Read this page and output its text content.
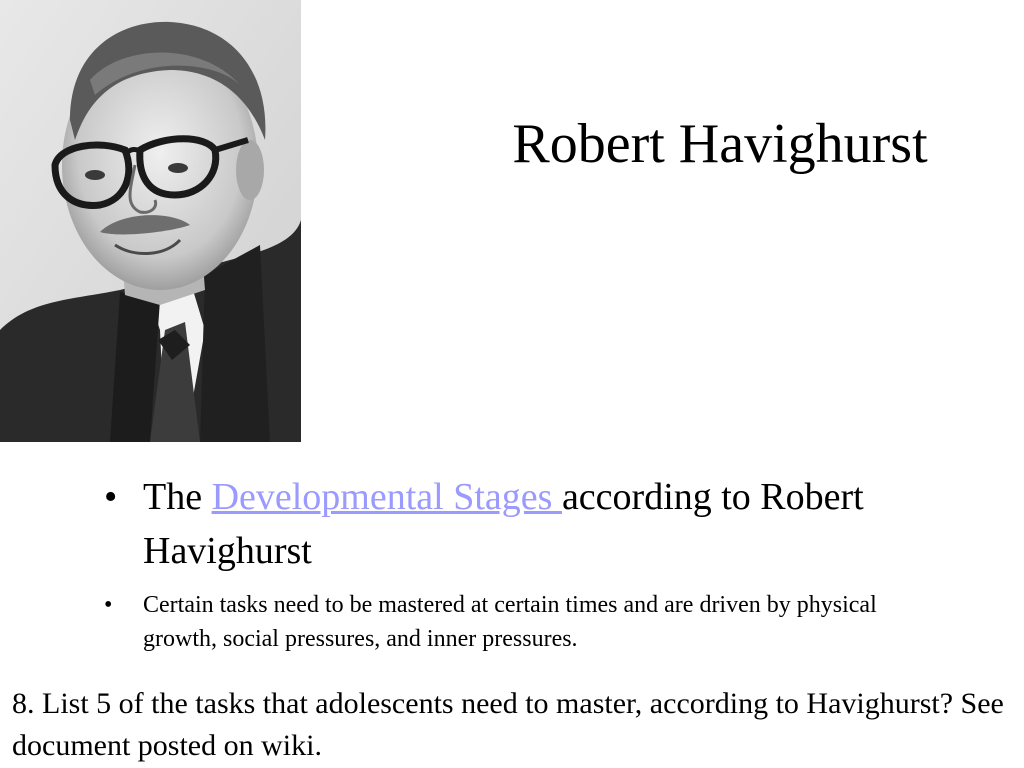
Robert Havighurst
• The Developmental Stages according to Robert Havighurst
• Certain tasks need to be mastered at certain times and are driven by physical growth, social pressures, and inner pressures.

8. List 5 of the tasks that adolescents need to master, according to Havighurst? See document posted on wiki.
